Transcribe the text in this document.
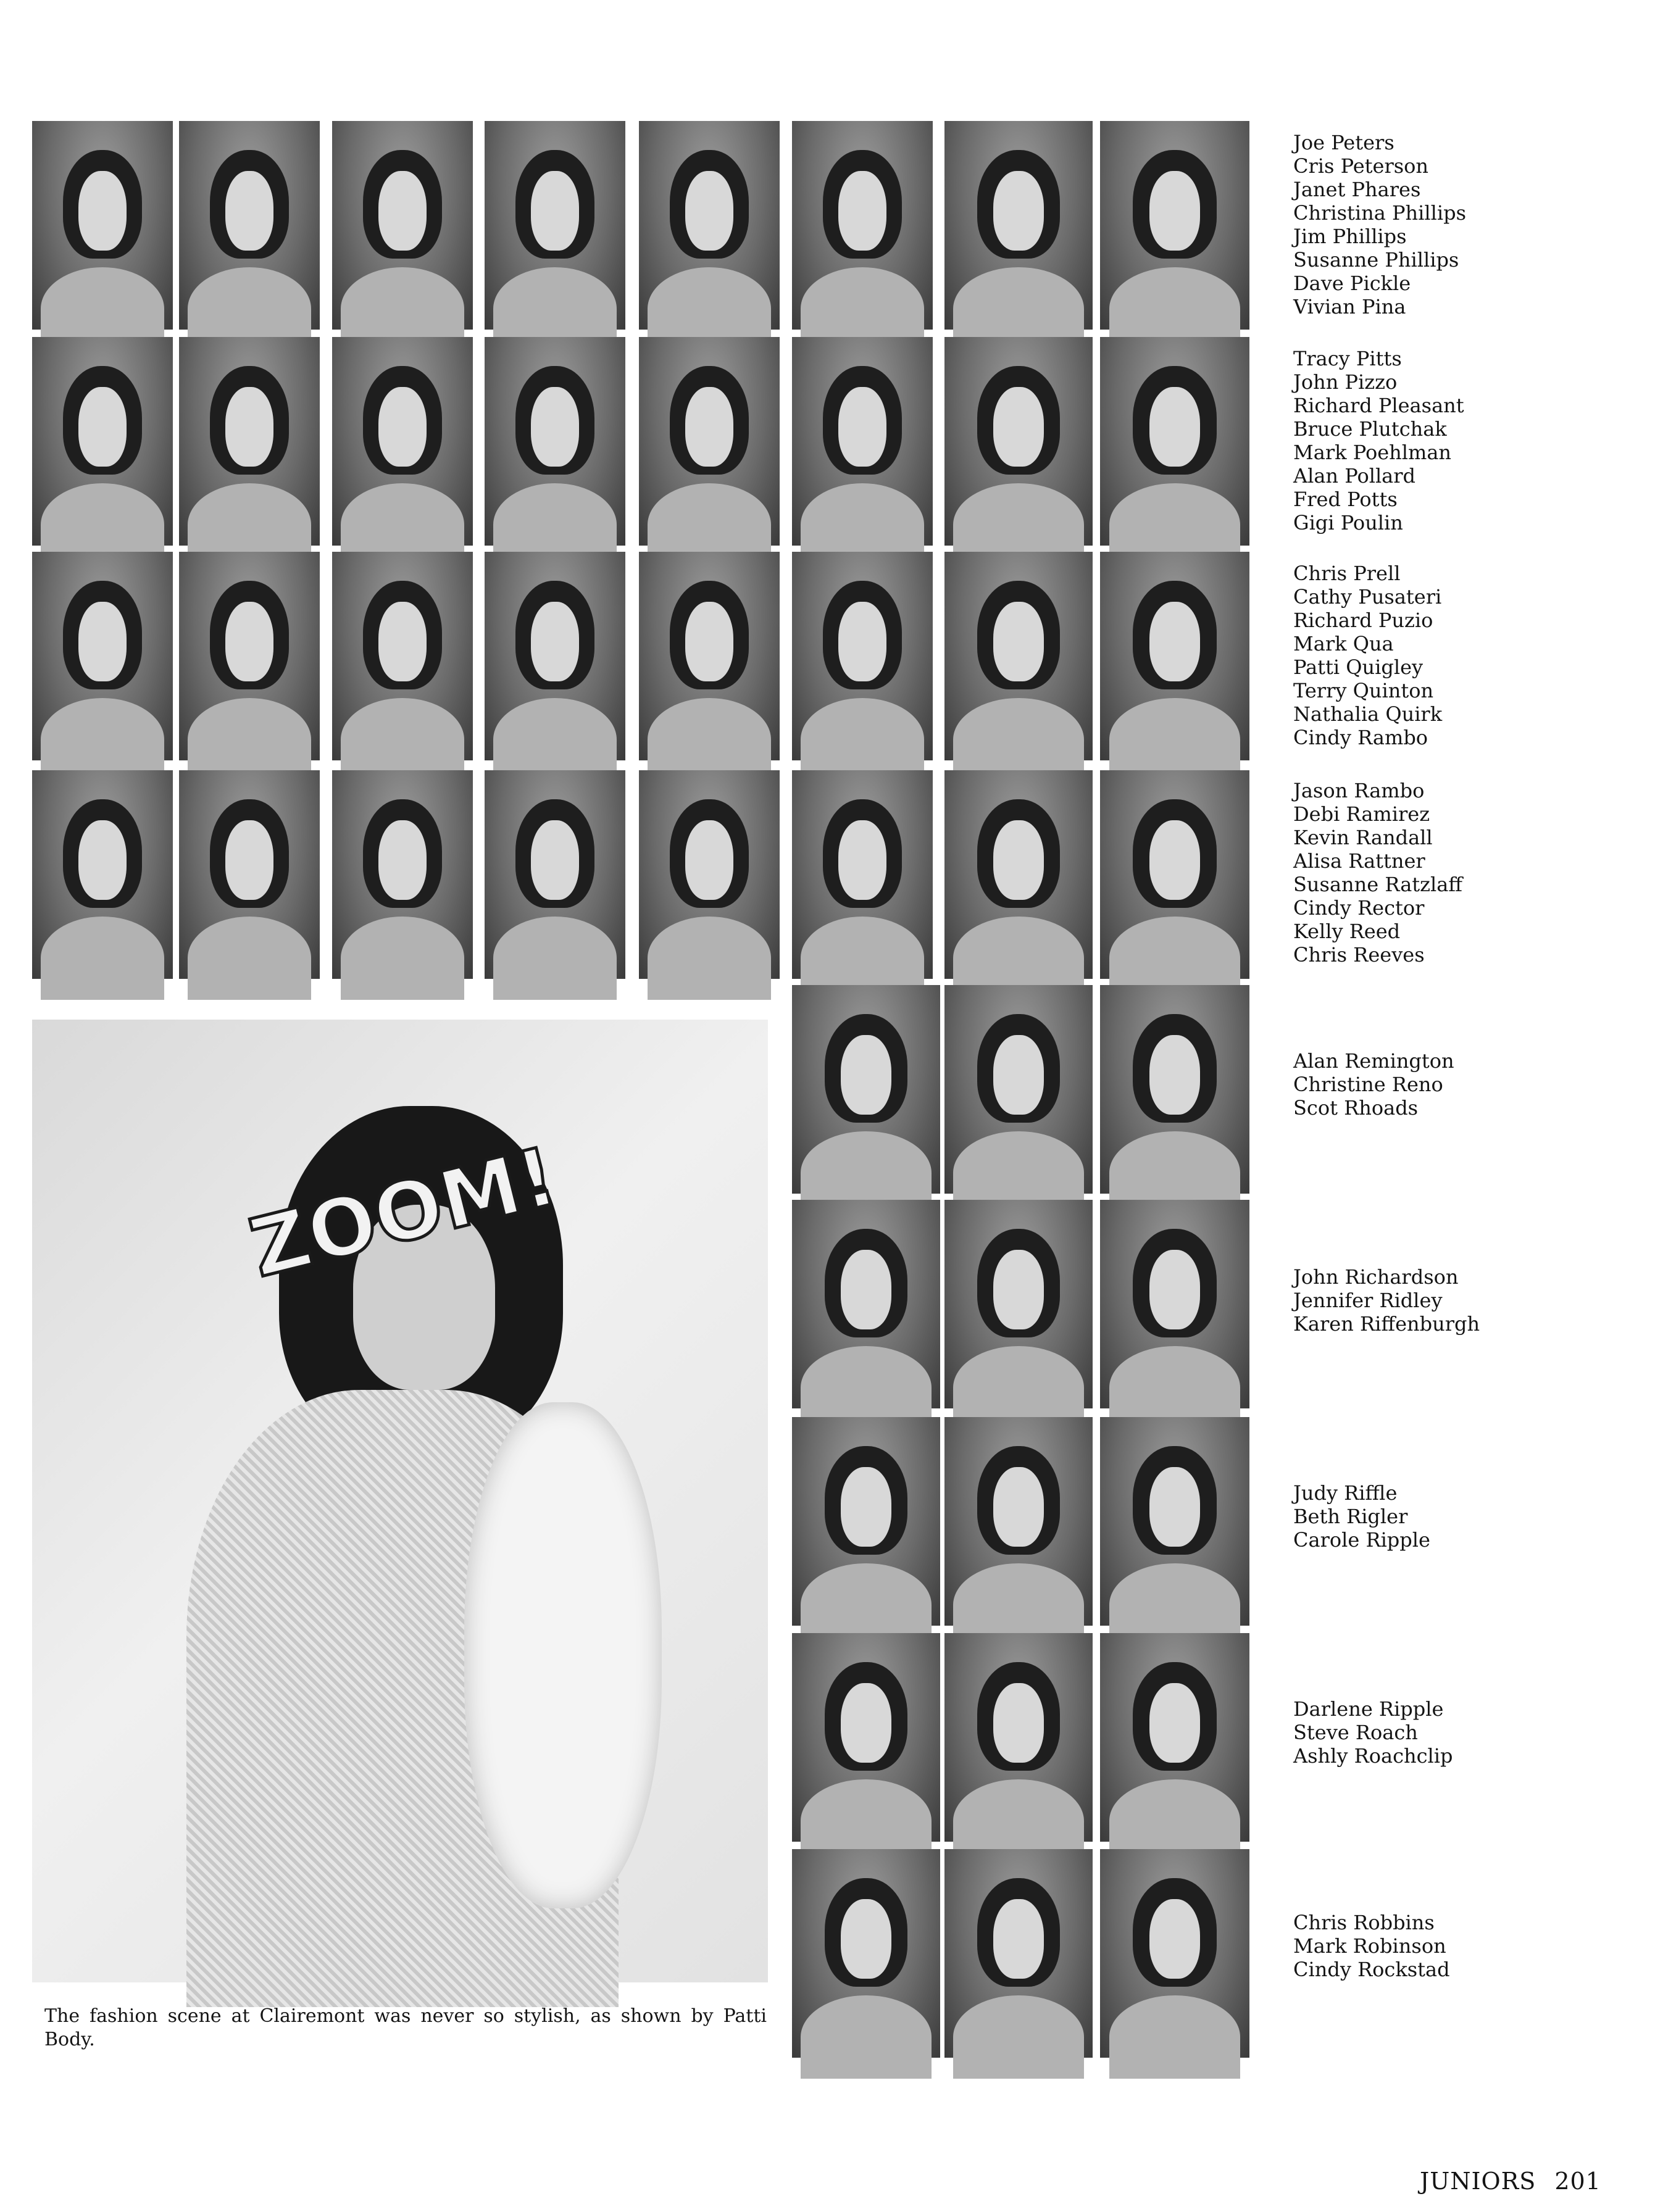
ZOOM!

The fashion scene at Clairemont was never so stylish, as shown by Patti Body.

JUNIORS 201
Joe Peters
Cris Peterson
Janet Phares
Christina Phillips
Jim Phillips
Susanne Phillips
Dave Pickle
Vivian Pina
Tracy Pitts
John Pizzo
Richard Pleasant
Bruce Plutchak
Mark Poehlman
Alan Pollard
Fred Potts
Gigi Poulin
Chris Prell
Cathy Pusateri
Richard Puzio
Mark Qua
Patti Quigley
Terry Quinton
Nathalia Quirk
Cindy Rambo
Jason Rambo
Debi Ramirez
Kevin Randall
Alisa Rattner
Susanne Ratzlaff
Cindy Rector
Kelly Reed
Chris Reeves
Alan Remington
Christine Reno
Scot Rhoads
John Richardson
Jennifer Ridley
Karen Riffenburgh
Judy Riffle
Beth Rigler
Carole Ripple
Darlene Ripple
Steve Roach
Ashly Roachclip
Chris Robbins
Mark Robinson
Cindy Rockstad
